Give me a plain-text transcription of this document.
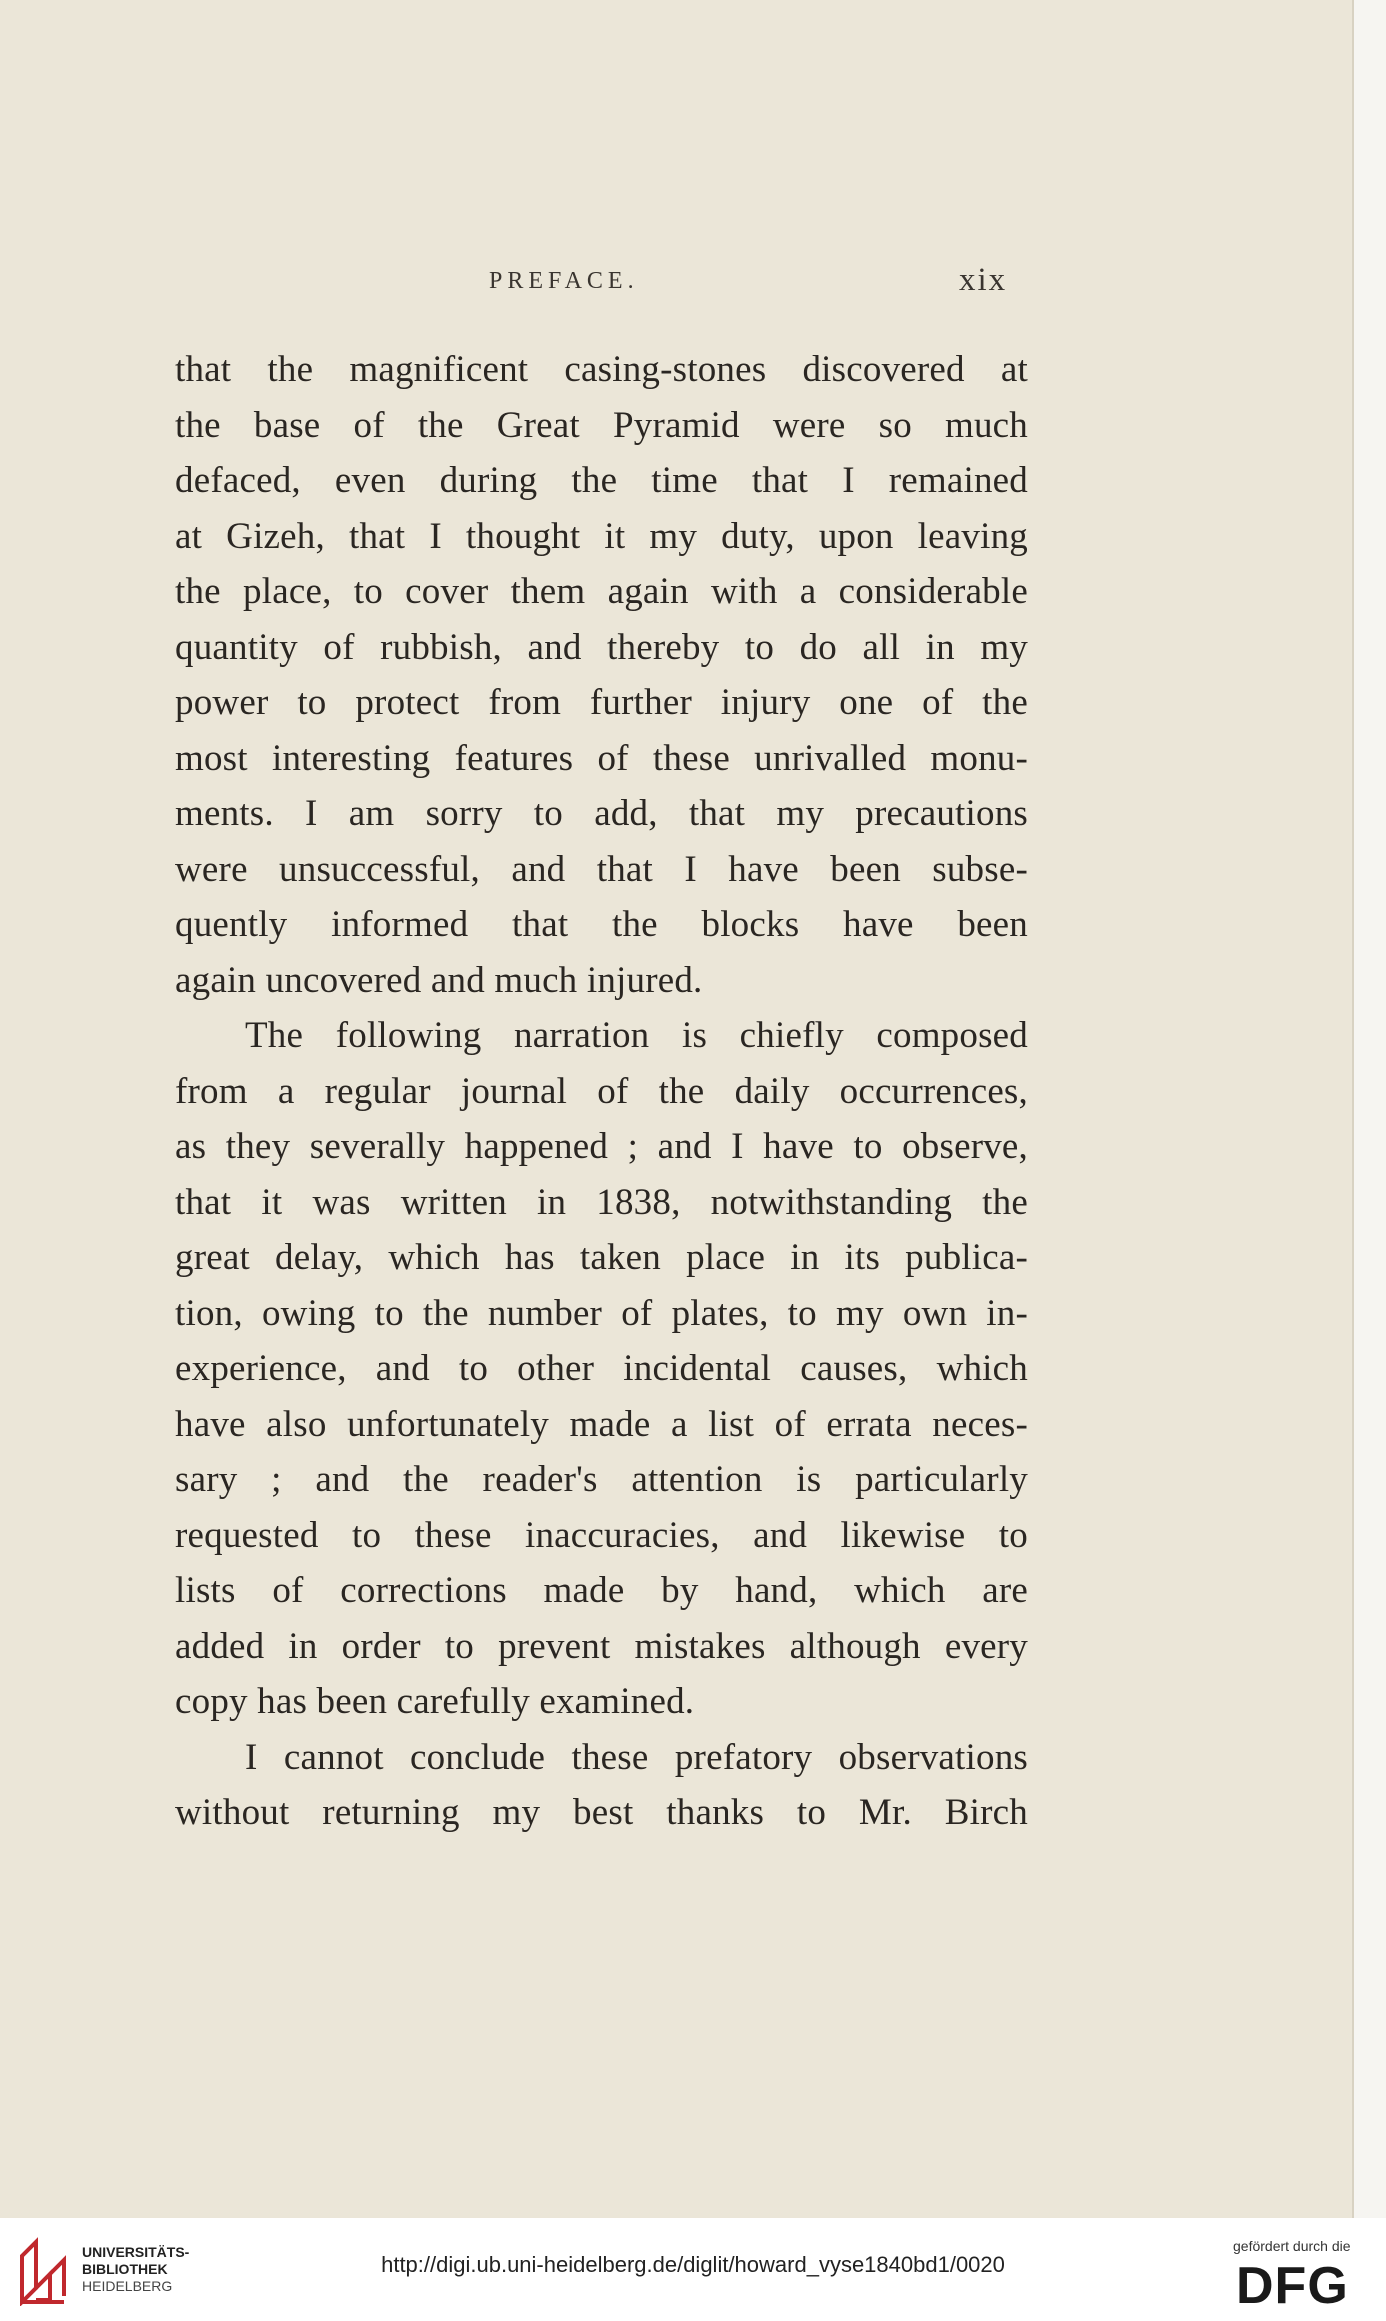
PREFACE.	xix
that the magnificent casing-stones discovered at
the base of the Great Pyramid were so much
defaced, even during the time that I remained
at Gizeh, that I thought it my duty, upon leaving
the place, to cover them again with a considerable
quantity of rubbish, and thereby to do all in my
power to protect from further injury one of the
most interesting features of these unrivalled monu-
ments. I am sorry to add, that my precautions
were unsuccessful, and that I have been subse-
quently informed that the blocks have been
again uncovered and much injured.
The following narration is chiefly composed
from a regular journal of the daily occurrences,
as they severally happened ; and I have to observe,
that it was written in 1838, notwithstanding the
great delay, which has taken place in its publica-
tion, owing to the number of plates, to my own in-
experience, and to other incidental causes, which
have also unfortunately made a list of errata neces-
sary ; and the reader's attention is particularly
requested to these inaccuracies, and likewise to
lists of corrections made by hand, which are
added in order to prevent mistakes although every
copy has been carefully examined.
I cannot conclude these prefatory observations
without returning my best thanks to Mr. Birch
UNIVERSITÄTS-
BIBLIOTHEK
HEIDELBERG
http://digi.ub.uni-heidelberg.de/diglit/howard_vyse1840bd1/0020
gefördert durch die
DFG
